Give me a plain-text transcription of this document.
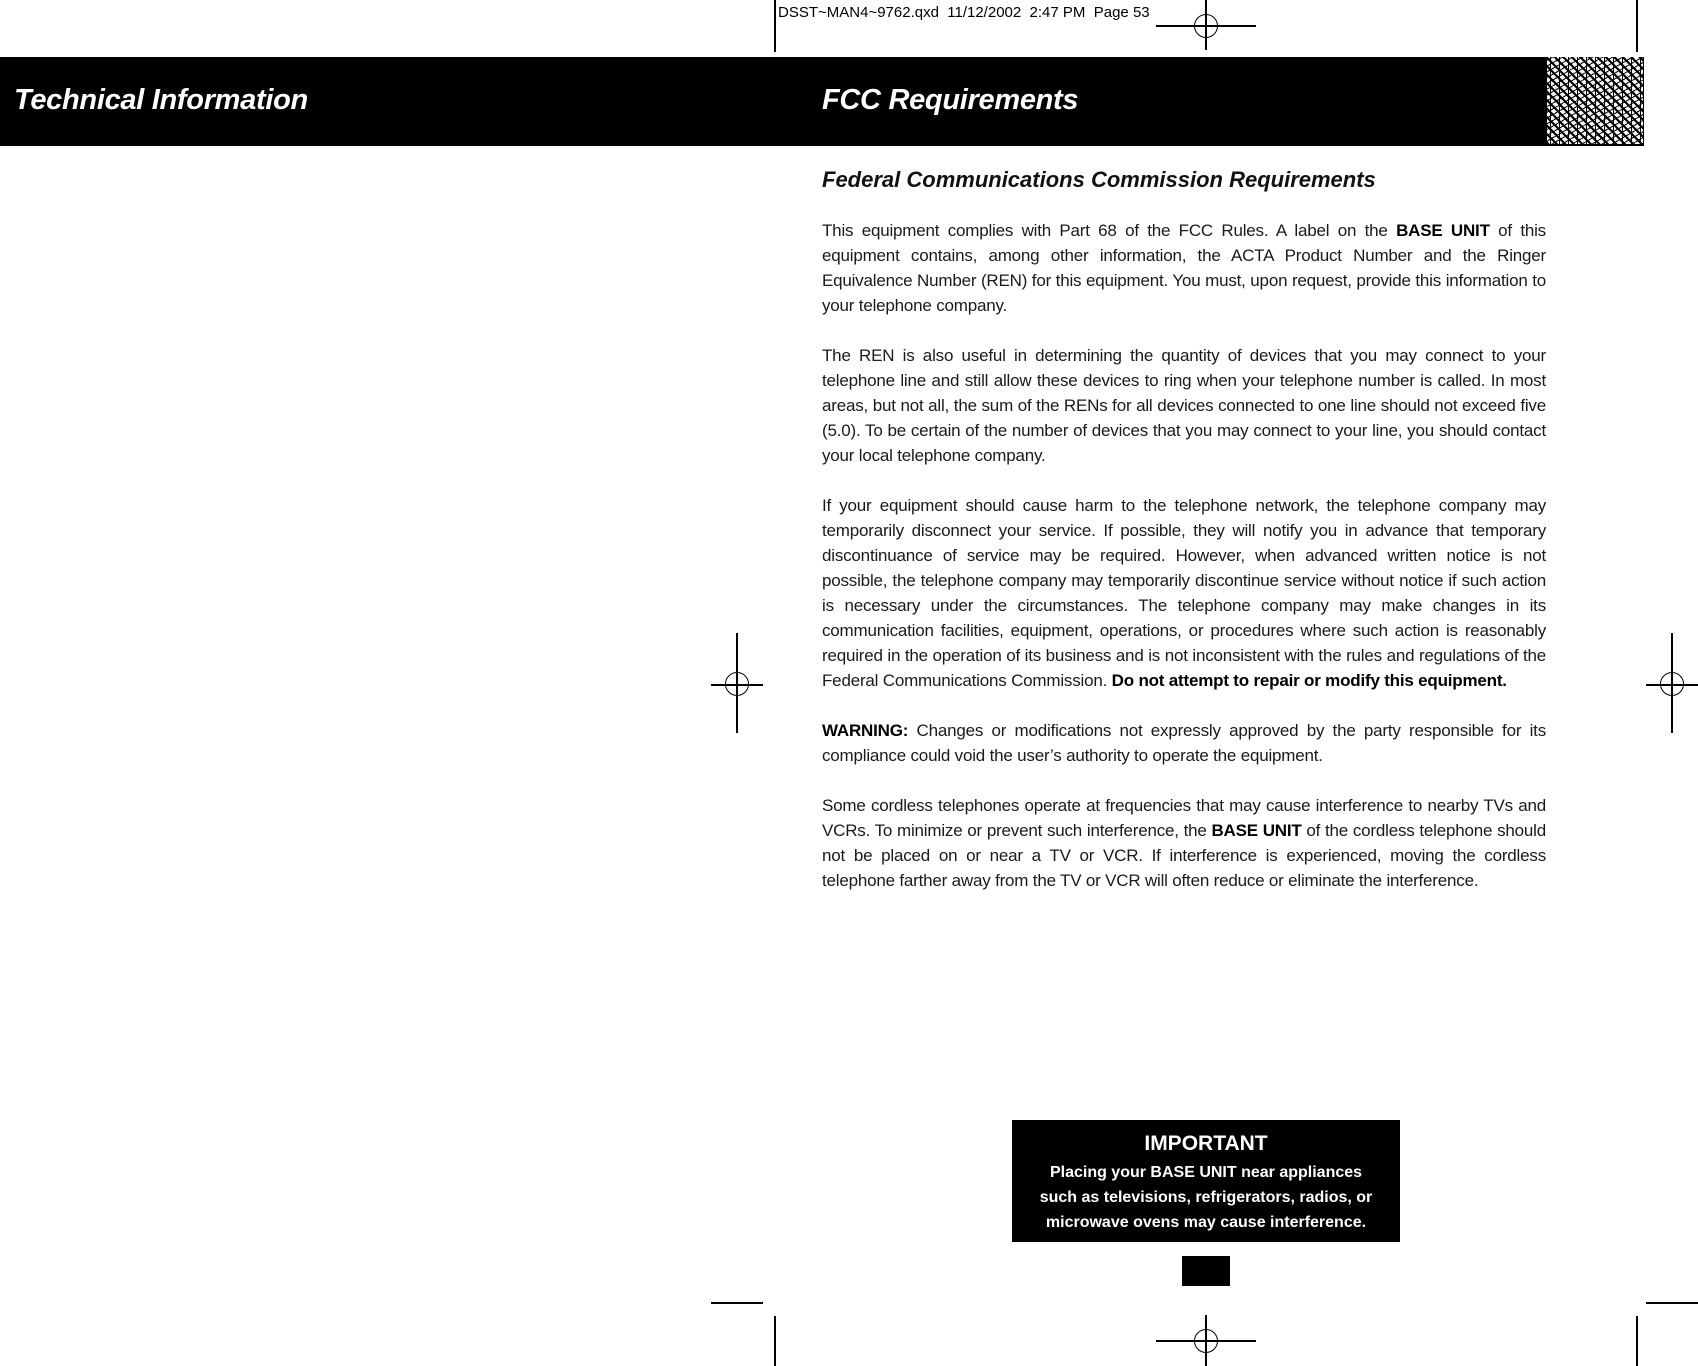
DSST~MAN4~9762.qxd  11/12/2002  2:47 PM  Page 53
Technical Information	FCC Requirements
Federal Communications Commission Requirements

This equipment complies with Part 68 of the FCC Rules. A label on the BASE UNIT of this equipment contains, among other information, the ACTA Product Number and the Ringer Equivalence Number (REN) for this equipment. You must, upon request, provide this information to your telephone company.

The REN is also useful in determining the quantity of devices that you may connect to your telephone line and still allow these devices to ring when your telephone number is called. In most areas, but not all, the sum of the RENs for all devices connected to one line should not exceed five (5.0). To be certain of the number of devices that you may connect to your line, you should contact your local telephone company.

If your equipment should cause harm to the telephone network, the telephone company may temporarily disconnect your service. If possible, they will notify you in advance that temporary discontinuance of service may be required. However, when advanced written notice is not possible, the telephone company may temporarily discontinue service without notice if such action is necessary under the circumstances. The telephone company may make changes in its communication facilities, equipment, operations, or procedures where such action is reasonably required in the operation of its business and is not inconsistent with the rules and regulations of the Federal Communications Commission. Do not attempt to repair or modify this equipment.

WARNING: Changes or modifications not expressly approved by the party responsible for its compliance could void the user’s authority to operate the equipment.

Some cordless telephones operate at frequencies that may cause interference to nearby TVs and VCRs. To minimize or prevent such interference, the BASE UNIT of the cordless telephone should not be placed on or near a TV or VCR. If interference is experienced, moving the cordless telephone farther away from the TV or VCR will often reduce or eliminate the interference.

IMPORTANT
Placing your BASE UNIT near appliances
such as televisions, refrigerators, radios, or
microwave ovens may cause interference.
